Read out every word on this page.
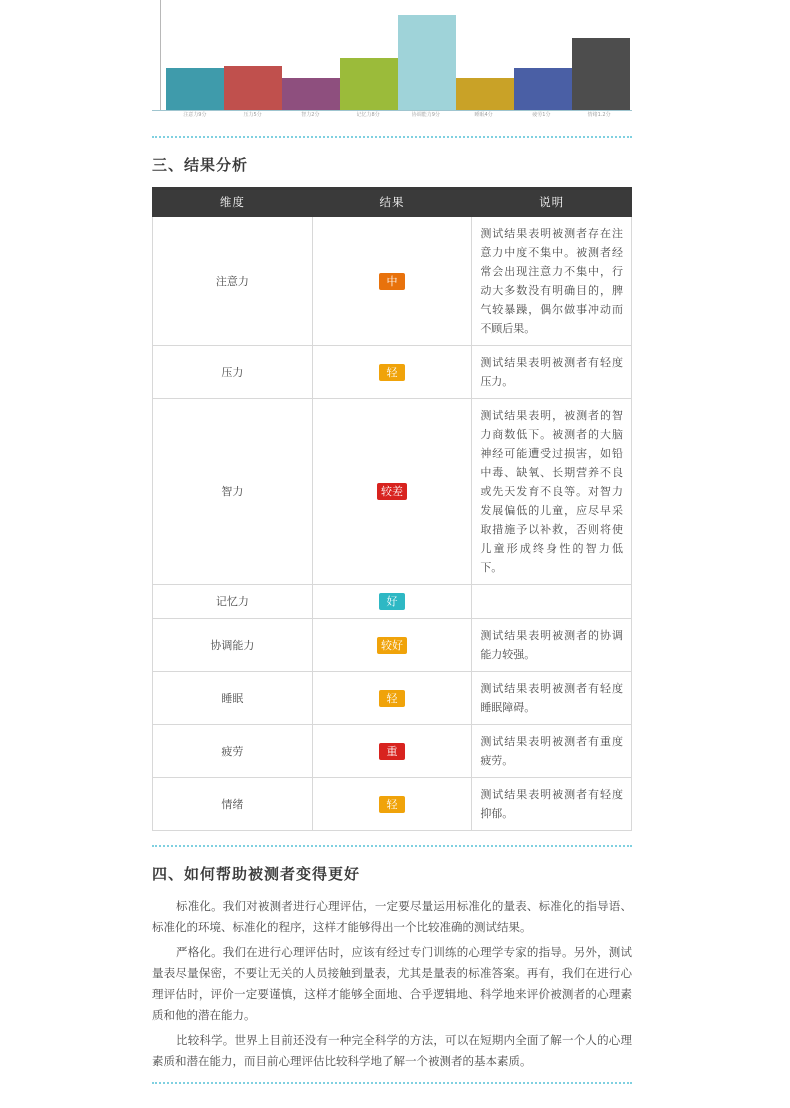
注意力9分	压力5分	智力2分	记忆力8分	协调能力9分	睡眠4分	疲劳1分	情绪1.2分
三、结果分析
维度	结果	说明
注意力	中	测试结果表明被测者存在注意力中度不集中。被测者经常会出现注意力不集中，行动大多数没有明确目的，脾气较暴躁，偶尔做事冲动而不顾后果。
压力	轻	测试结果表明被测者有轻度压力。
智力	较差	测试结果表明，被测者的智力商数低下。被测者的大脑神经可能遭受过损害，如铅中毒、缺氧、长期营养不良或先天发育不良等。对智力发展偏低的儿童，应尽早采取措施予以补救，否则将使儿童形成终身性的智力低下。
记忆力	好	
协调能力	较好	测试结果表明被测者的协调能力较强。
睡眠	轻	测试结果表明被测者有轻度睡眠障碍。
疲劳	重	测试结果表明被测者有重度疲劳。
情绪	轻	测试结果表明被测者有轻度抑郁。
四、如何帮助被测者变得更好

标准化。我们对被测者进行心理评估，一定要尽量运用标准化的量表、标准化的指导语、标准化的环境、标准化的程序，这样才能够得出一个比较准确的测试结果。

严格化。我们在进行心理评估时，应该有经过专门训练的心理学专家的指导。另外，测试量表尽量保密，不要让无关的人员接触到量表，尤其是量表的标准答案。再有，我们在进行心理评估时，评价一定要谨慎，这样才能够全面地、合乎逻辑地、科学地来评价被测者的心理素质和他的潜在能力。

比较科学。世界上目前还没有一种完全科学的方法，可以在短期内全面了解一个人的心理素质和潜在能力，而目前心理评估比较科学地了解一个被测者的基本素质。
